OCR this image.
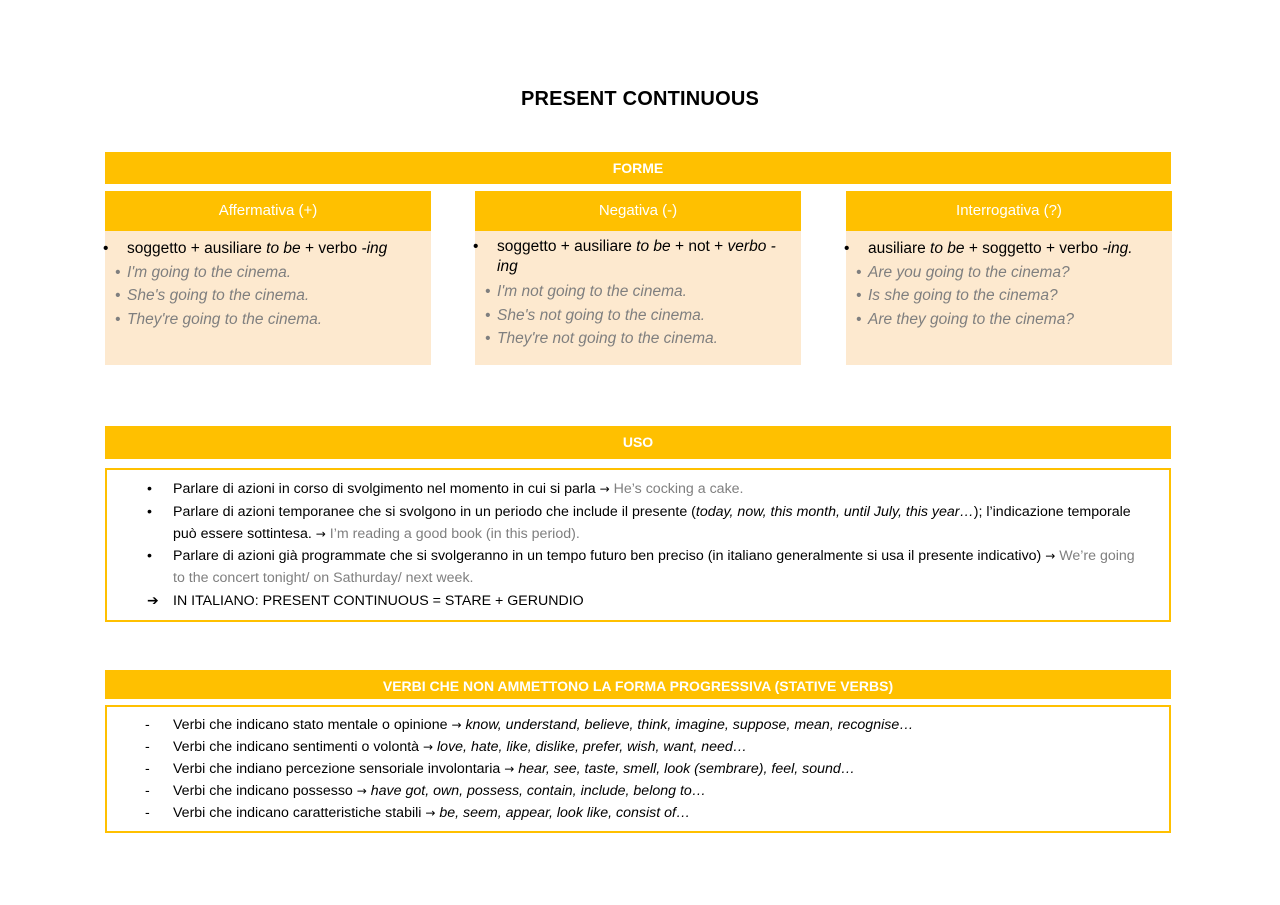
PRESENT CONTINUOUS
FORME
Affermativa (+)
• soggetto + ausiliare to be + verbo -ing
• I'm going to the cinema.
• She's going to the cinema.
• They're going to the cinema.
Negativa (-)
• soggetto + ausiliare to be + not + verbo -ing
• I'm not going to the cinema.
• She's not going to the cinema.
• They're not going to the cinema.
Interrogativa (?)
• ausiliare to be + soggetto + verbo -ing.
• Are you going to the cinema?
• Is she going to the cinema?
• Are they going to the cinema?
USO
•	Parlare di azioni in corso di svolgimento nel momento in cui si parla → He’s cocking a cake.
•	Parlare di azioni temporanee che si svolgono in un periodo che include il presente (today, now, this month, until July, this year…); l’indicazione temporale può essere sottintesa. → I’m reading a good book (in this period).
•	Parlare di azioni già programmate che si svolgeranno in un tempo futuro ben preciso (in italiano generalmente si usa il presente indicativo) → We’re going to the concert tonight/ on Sathurday/ next week.
➔	IN ITALIANO: PRESENT CONTINUOUS = STARE + GERUNDIO
VERBI CHE NON AMMETTONO LA FORMA PROGRESSIVA (STATIVE VERBS)
- Verbi che indicano stato mentale o opinione → know, understand, believe, think, imagine, suppose, mean, recognise…
- Verbi che indicano sentimenti o volontà → love, hate, like, dislike, prefer, wish, want, need…
- Verbi che indiano percezione sensoriale involontaria → hear, see, taste, smell, look (sembrare), feel, sound…
- Verbi che indicano possesso → have got, own, possess, contain, include, belong to…
- Verbi che indicano caratteristiche stabili → be, seem, appear, look like, consist of…
